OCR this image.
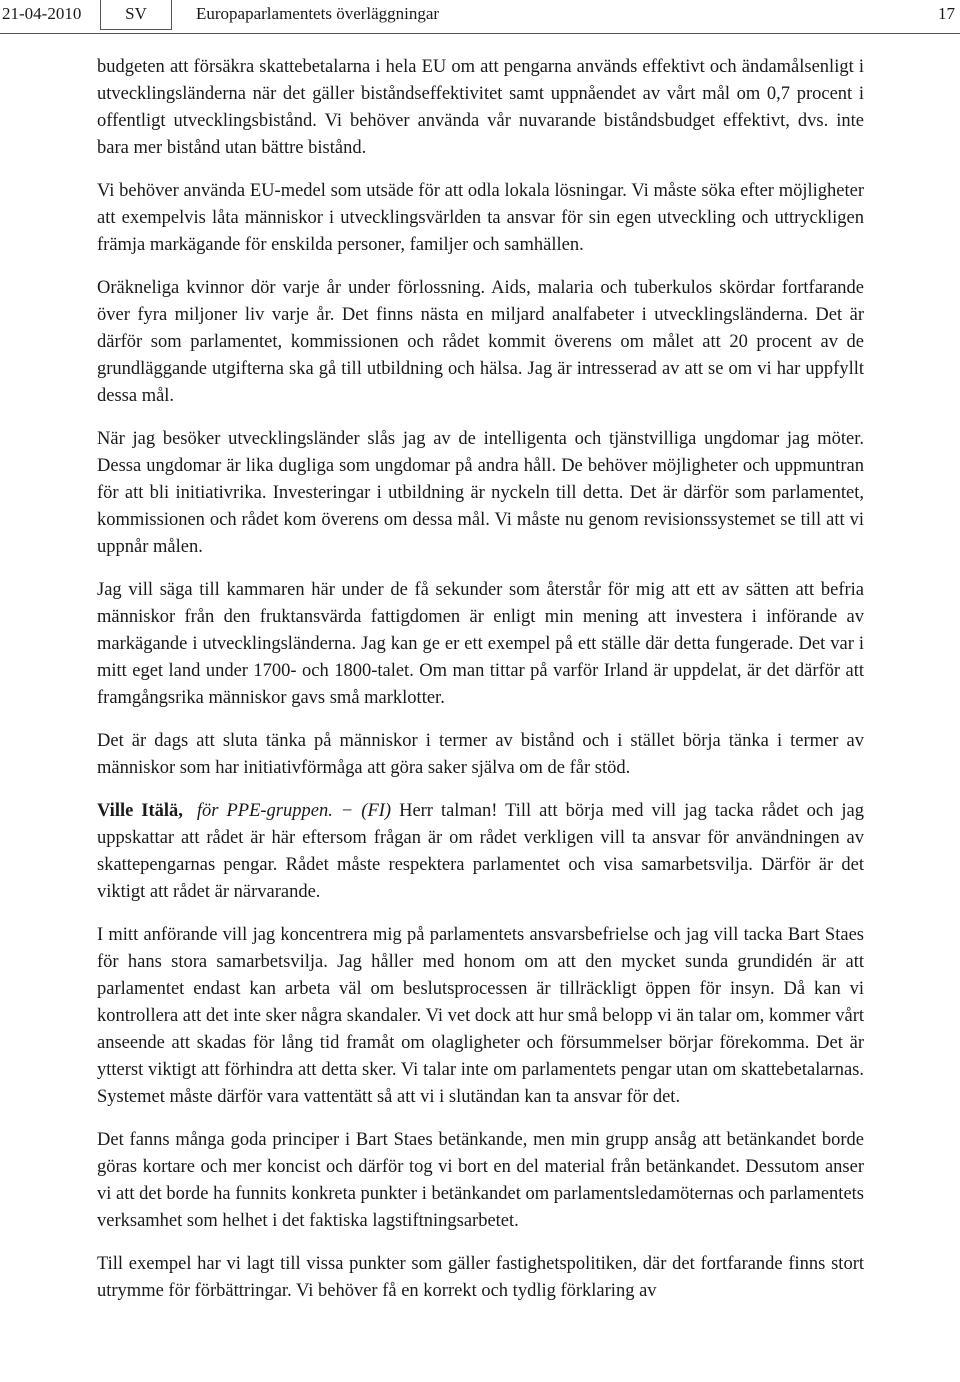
21-04-2010	SV	Europaparlamentets överläggningar	17

budgeten att försäkra skattebetalarna i hela EU om att pengarna används effektivt och ändamålsenligt i utvecklingsländerna när det gäller biståndseffektivitet samt uppnåendet av vårt mål om 0,7 procent i offentligt utvecklingsbistånd. Vi behöver använda vår nuvarande biståndsbudget effektivt, dvs. inte bara mer bistånd utan bättre bistånd.

Vi behöver använda EU-medel som utsäde för att odla lokala lösningar. Vi måste söka efter möjligheter att exempelvis låta människor i utvecklingsvärlden ta ansvar för sin egen utveckling och uttryckligen främja markägande för enskilda personer, familjer och samhällen.

Oräkneliga kvinnor dör varje år under förlossning. Aids, malaria och tuberkulos skördar fortfarande över fyra miljoner liv varje år. Det finns nästa en miljard analfabeter i utvecklingsländerna. Det är därför som parlamentet, kommissionen och rådet kommit överens om målet att 20 procent av de grundläggande utgifterna ska gå till utbildning och hälsa. Jag är intresserad av att se om vi har uppfyllt dessa mål.

När jag besöker utvecklingsländer slås jag av de intelligenta och tjänstvilliga ungdomar jag möter. Dessa ungdomar är lika dugliga som ungdomar på andra håll. De behöver möjligheter och uppmuntran för att bli initiativrika. Investeringar i utbildning är nyckeln till detta. Det är därför som parlamentet, kommissionen och rådet kom överens om dessa mål. Vi måste nu genom revisionssystemet se till att vi uppnår målen.

Jag vill säga till kammaren här under de få sekunder som återstår för mig att ett av sätten att befria människor från den fruktansvärda fattigdomen är enligt min mening att investera i införande av markägande i utvecklingsländerna. Jag kan ge er ett exempel på ett ställe där detta fungerade. Det var i mitt eget land under 1700- och 1800-talet. Om man tittar på varför Irland är uppdelat, är det därför att framgångsrika människor gavs små marklotter.

Det är dags att sluta tänka på människor i termer av bistånd och i stället börja tänka i termer av människor som har initiativförmåga att göra saker själva om de får stöd.

Ville Itälä, för PPE-gruppen. − (FI) Herr talman! Till att börja med vill jag tacka rådet och jag uppskattar att rådet är här eftersom frågan är om rådet verkligen vill ta ansvar för användningen av skattepengarnas pengar. Rådet måste respektera parlamentet och visa samarbetsvilja. Därför är det viktigt att rådet är närvarande.

I mitt anförande vill jag koncentrera mig på parlamentets ansvarsbefrielse och jag vill tacka Bart Staes för hans stora samarbetsvilja. Jag håller med honom om att den mycket sunda grundidén är att parlamentet endast kan arbeta väl om beslutsprocessen är tillräckligt öppen för insyn. Då kan vi kontrollera att det inte sker några skandaler. Vi vet dock att hur små belopp vi än talar om, kommer vårt anseende att skadas för lång tid framåt om olagligheter och försummelser börjar förekomma. Det är ytterst viktigt att förhindra att detta sker. Vi talar inte om parlamentets pengar utan om skattebetalarnas. Systemet måste därför vara vattentätt så att vi i slutändan kan ta ansvar för det.

Det fanns många goda principer i Bart Staes betänkande, men min grupp ansåg att betänkandet borde göras kortare och mer koncist och därför tog vi bort en del material från betänkandet. Dessutom anser vi att det borde ha funnits konkreta punkter i betänkandet om parlamentsledamöternas och parlamentets verksamhet som helhet i det faktiska lagstiftningsarbetet.

Till exempel har vi lagt till vissa punkter som gäller fastighetspolitiken, där det fortfarande finns stort utrymme för förbättringar. Vi behöver få en korrekt och tydlig förklaring av
